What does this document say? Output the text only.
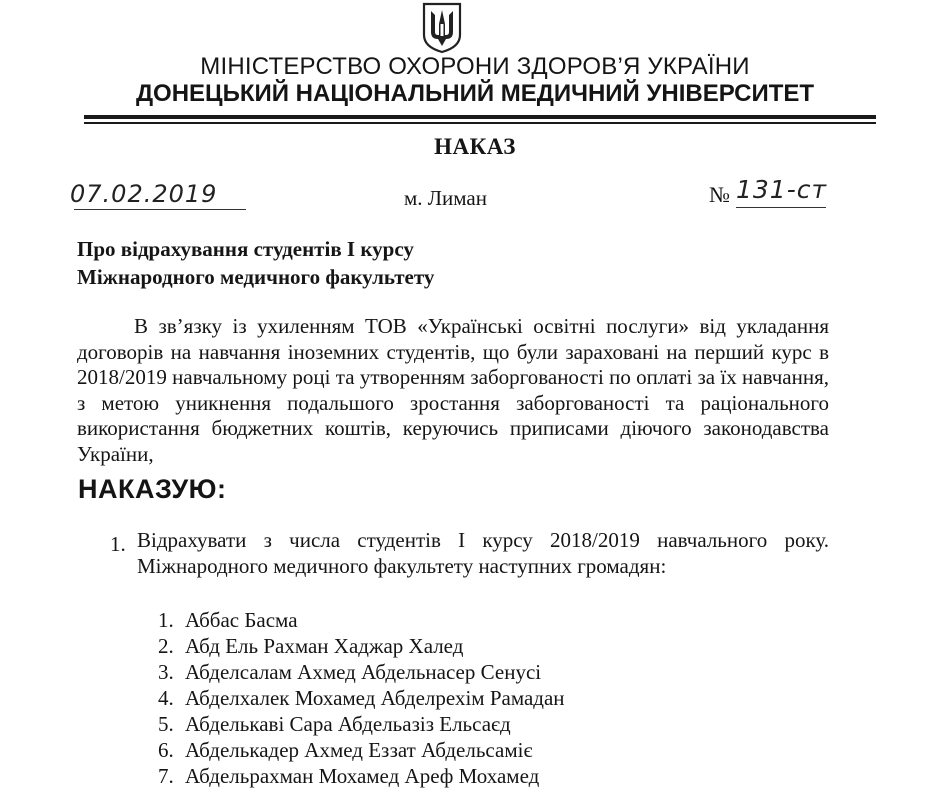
МІНІСТЕРСТВО ОХОРОНИ ЗДОРОВ’Я УКРАЇНИ
ДОНЕЦЬКИЙ НАЦІОНАЛЬНИЙ МЕДИЧНИЙ УНІВЕРСИТЕТ
НАКАЗ
07.02.2019	м. Лиман	№ 131-ст
Про відрахування студентів І курсу
Міжнародного медичного факультету
В зв’язку із ухиленням ТОВ «Українські освітні послуги» від укладання договорів на навчання іноземних студентів, що були зараховані на перший курс в 2018/2019 навчальному році та утворенням заборгованості по оплаті за їх навчання, з метою уникнення подальшого зростання заборгованості та раціонального використання бюджетних коштів, керуючись приписами діючого законодавства України,
НАКАЗУЮ:
1. Відрахувати з числа студентів І курсу 2018/2019 навчального року.
Міжнародного медичного факультету наступних громадян:
1. Аббас Басма
2. Абд Ель Рахман Хаджар Халед
3. Абделсалам Ахмед Абдельнасер Сенусі
4. Абделхалек Мохамед Абделрехім Рамадан
5. Абделькаві Сара Абдельазіз Ельсаєд
6. Абделькадер Ахмед Еззат Абдельсаміє
7. Абдельрахман Мохамед Ареф Мохамед
